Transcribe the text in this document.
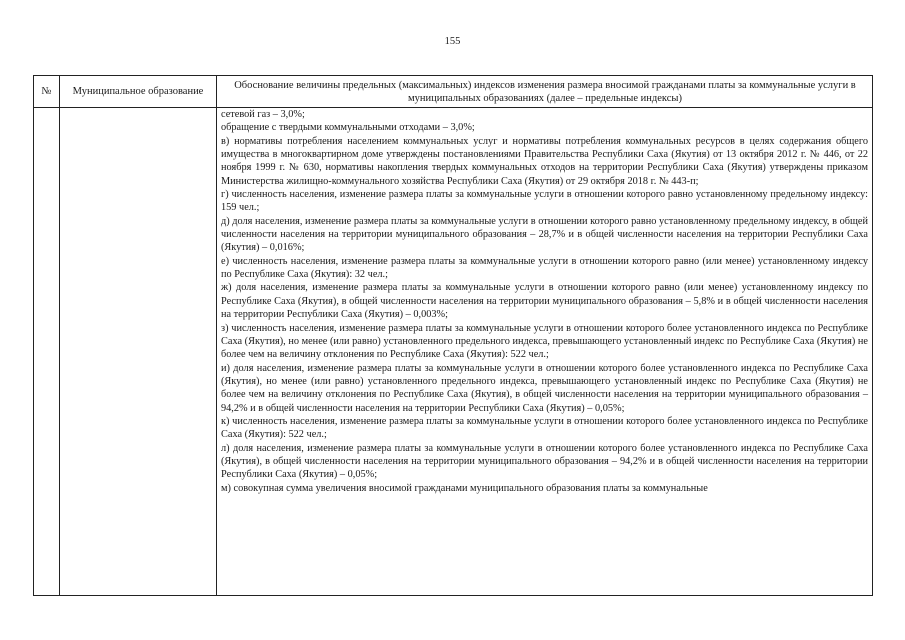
155
№	Муниципальное образование
Обоснование величины предельных (максимальных) индексов изменения размера вносимой гражданами платы за коммунальные услуги в муниципальных образованиях (далее – предельные индексы)
сетевой газ – 3,0%;
обращение с твердыми коммунальными отходами – 3,0%;
в) нормативы потребления населением коммунальных услуг и нормативы потребления коммунальных ресурсов в целях содержания общего имущества в многоквартирном доме утверждены постановлениями Правительства Республики Саха (Якутия) от 13 октября 2012 г. № 446, от 22 ноября 1999 г. № 630, нормативы накопления твердых коммунальных отходов на территории Республики Саха (Якутия) утверждены приказом Министерства жилищно-коммунального хозяйства Республики Саха (Якутия) от 29 октября 2018 г. № 443-п;
г) численность населения, изменение размера платы за коммунальные услуги в отношении которого равно установленному предельному индексу: 159 чел.;
д) доля населения, изменение размера платы за коммунальные услуги в отношении которого равно установленному предельному индексу, в общей численности населения на территории муниципального образования – 28,7% и в общей численности населения на территории Республики Саха (Якутия) – 0,016%;
е) численность населения, изменение размера платы за коммунальные услуги в отношении которого равно (или менее) установленному индексу по Республике Саха (Якутия): 32 чел.;
ж) доля населения, изменение размера платы за коммунальные услуги в отношении которого равно (или менее) установленному индексу по Республике Саха (Якутия), в общей численности населения на территории муниципального образования – 5,8% и в общей численности населения на территории Республики Саха (Якутия) – 0,003%;
з) численность населения, изменение размера платы за коммунальные услуги в отношении которого более установленного индекса по Республике Саха (Якутия), но менее (или равно) установленного предельного индекса, превышающего установленный индекс по Республике Саха (Якутия) не более чем на величину отклонения по Республике Саха (Якутия): 522 чел.;
и) доля населения, изменение размера платы за коммунальные услуги в отношении которого более установленного индекса по Республике Саха (Якутия), но менее (или равно) установленного предельного индекса, превышающего установленный индекс по Республике Саха (Якутия) не более чем на величину отклонения по Республике Саха (Якутия), в общей численности населения на территории муниципального образования – 94,2% и в общей численности населения на территории Республики Саха (Якутия) – 0,05%;
к) численность населения, изменение размера платы за коммунальные услуги в отношении которого более установленного индекса по Республике Саха (Якутия): 522 чел.;
л) доля населения, изменение размера платы за коммунальные услуги в отношении которого более установленного индекса по Республике Саха (Якутия), в общей численности населения на территории муниципального образования – 94,2% и в общей численности населения на территории Республики Саха (Якутия) – 0,05%;
м) совокупная сумма увеличения вносимой гражданами муниципального образования платы за коммунальные
